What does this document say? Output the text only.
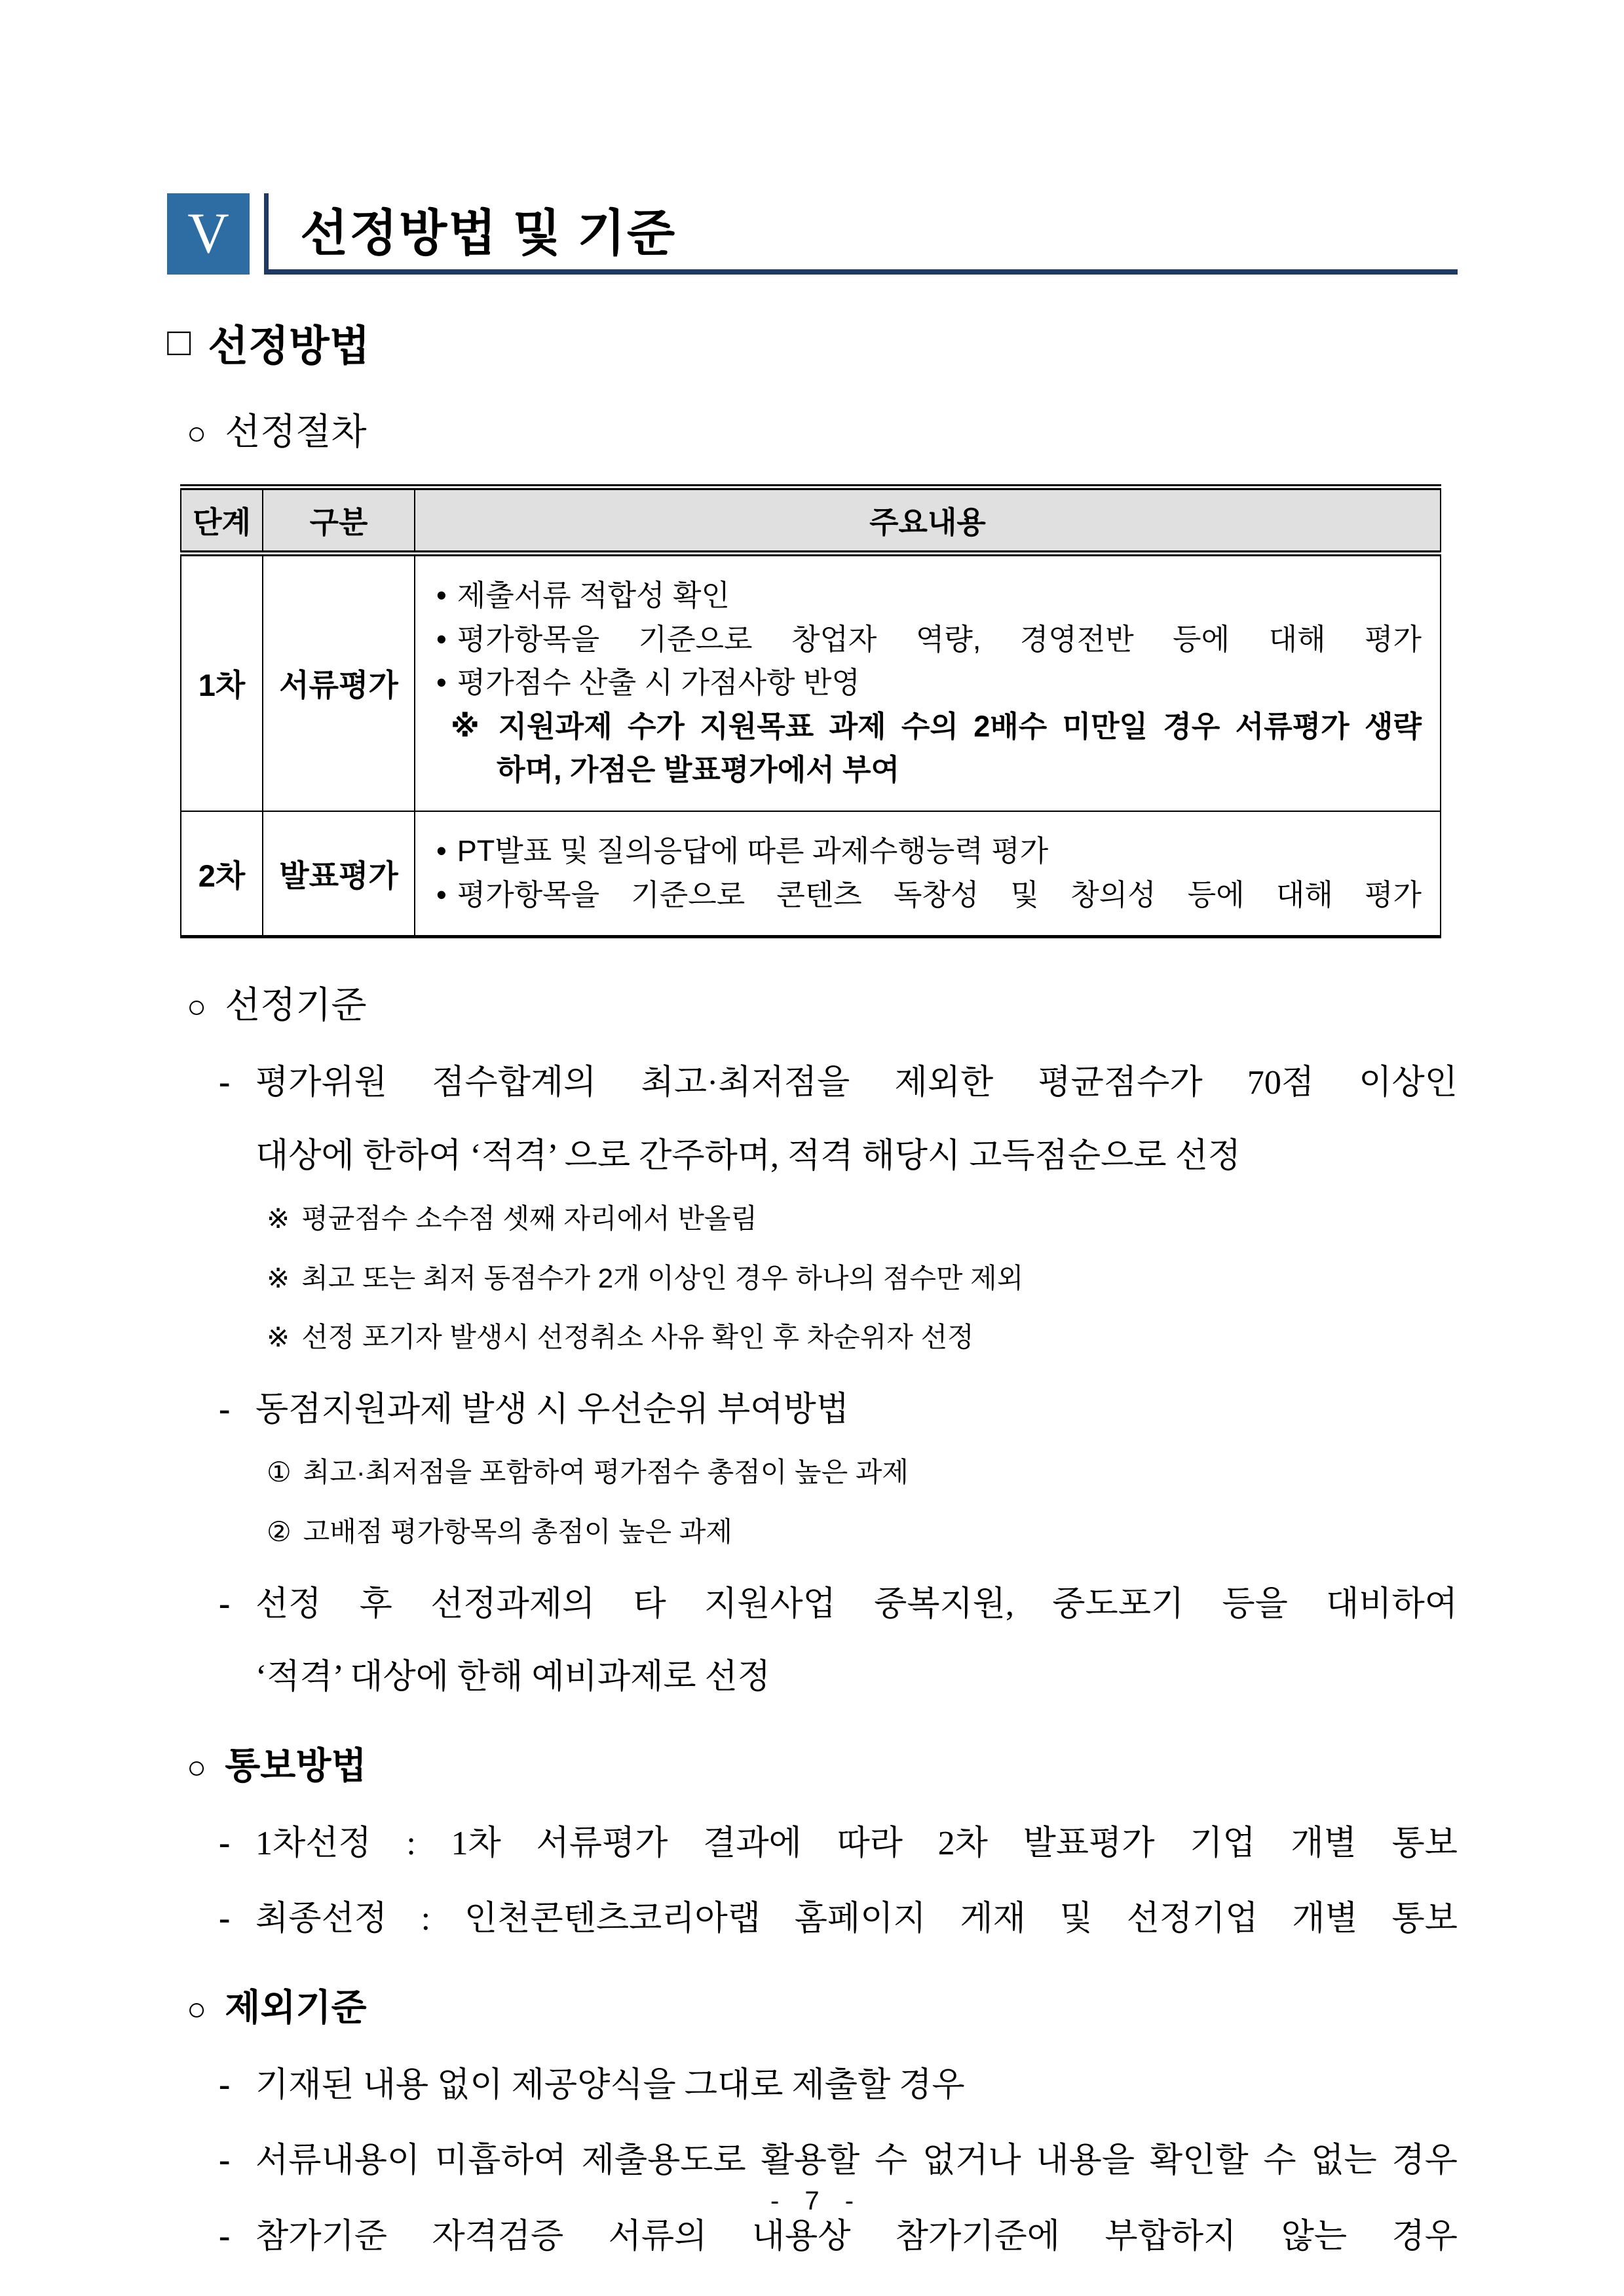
V	선정방법 및 기준
□ 선정방법
○ 선정절차
단계	구분	주요내용
1차	서류평가	• 제출서류 적합성 확인
• 평가항목을 기준으로 창업자 역량, 경영전반 등에 대해 평가
• 평가점수 산출 시 가점사항 반영
※ 지원과제 수가 지원목표 과제 수의 2배수 미만일 경우 서류평가 생략
하며, 가점은 발표평가에서 부여

2차	발표평가	• PT발표 및 질의응답에 따른 과제수행능력 평가
• 평가항목을 기준으로 콘텐츠 독창성 및 창의성 등에 대해 평가
○ 선정기준
- 평가위원 점수합계의 최고·최저점을 제외한 평균점수가 70점 이상인
대상에 한하여 ‘적격’ 으로 간주하며, 적격 해당시 고득점순으로 선정
※ 평균점수 소수점 셋째 자리에서 반올림
※ 최고 또는 최저 동점수가 2개 이상인 경우 하나의 점수만 제외
※ 선정 포기자 발생시 선정취소 사유 확인 후 차순위자 선정
- 동점지원과제 발생 시 우선순위 부여방법
① 최고·최저점을 포함하여 평가점수 총점이 높은 과제
② 고배점 평가항목의 총점이 높은 과제
- 선정 후 선정과제의 타 지원사업 중복지원, 중도포기 등을 대비하여
‘적격’ 대상에 한해 예비과제로 선정
○ 통보방법
- 1차선정 : 1차 서류평가 결과에 따라 2차 발표평가 기업 개별 통보
- 최종선정 : 인천콘텐츠코리아랩 홈페이지 게재 및 선정기업 개별 통보
○ 제외기준
- 기재된 내용 없이 제공양식을 그대로 제출할 경우
- 서류내용이 미흡하여 제출용도로 활용할 수 없거나 내용을 확인할 수 없는 경우
- 참가기준 자격검증 서류의 내용상 참가기준에 부합하지 않는 경우
- 7 -
